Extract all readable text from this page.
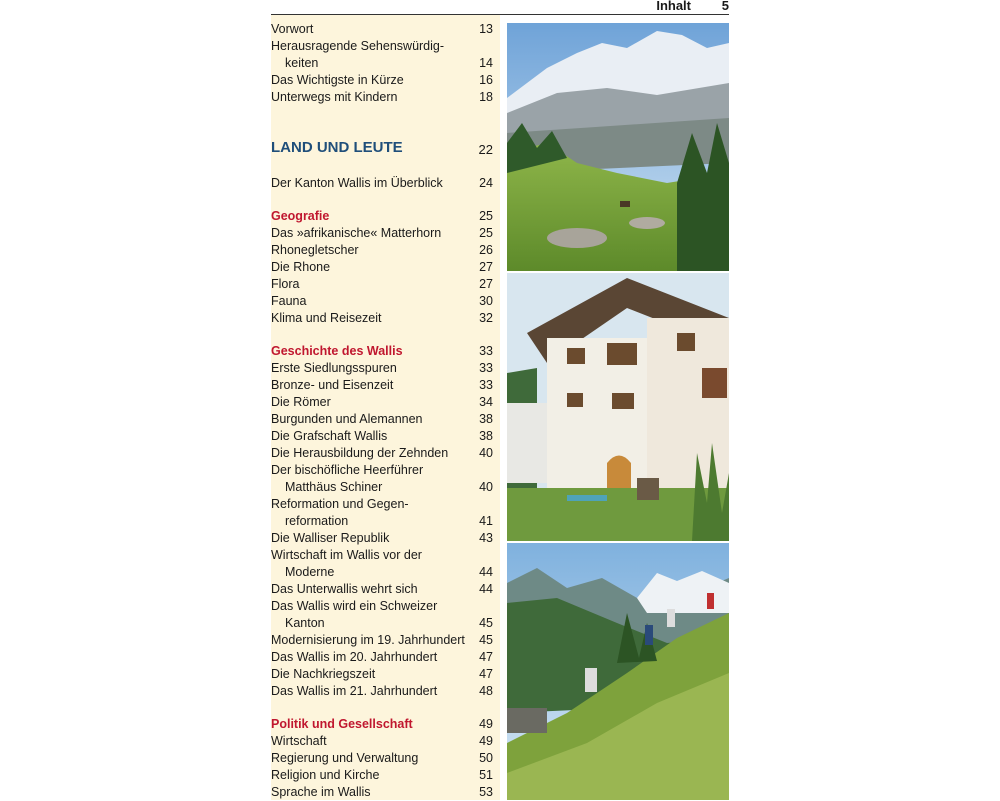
Inhalt 5
Vorwort	13
Herausragende Sehenswürdig-
keiten	14
Das Wichtigste in Kürze	16
Unterwegs mit Kindern	18
LAND UND LEUTE	22
Der Kanton Wallis im Überblick	24
Geografie	25
Das »afrikanische« Matterhorn	25
Rhonegletscher	26
Die Rhone	27
Flora	27
Fauna	30
Klima und Reisezeit	32
Geschichte des Wallis	33
Erste Siedlungsspuren	33
Bronze- und Eisenzeit	33
Die Römer	34
Burgunden und Alemannen	38
Die Grafschaft Wallis	38
Die Herausbildung der Zehnden 40
Der bischöfliche Heerführer
Matthäus Schiner	40
Reformation und Gegen-
reformation	41
Die Walliser Republik	43
Wirtschaft im Wallis vor der
Moderne	44
Das Unterwallis wehrt sich	44
Das Wallis wird ein Schweizer
Kanton	45
Modernisierung im 19. Jahrhundert 45
Das Wallis im 20. Jahrhundert	47
Die Nachkriegszeit	47
Das Wallis im 21. Jahrhundert	48
Politik und Gesellschaft	49
Wirtschaft	49
Regierung und Verwaltung	50
Religion und Kirche	51
Sprache im Wallis	53
